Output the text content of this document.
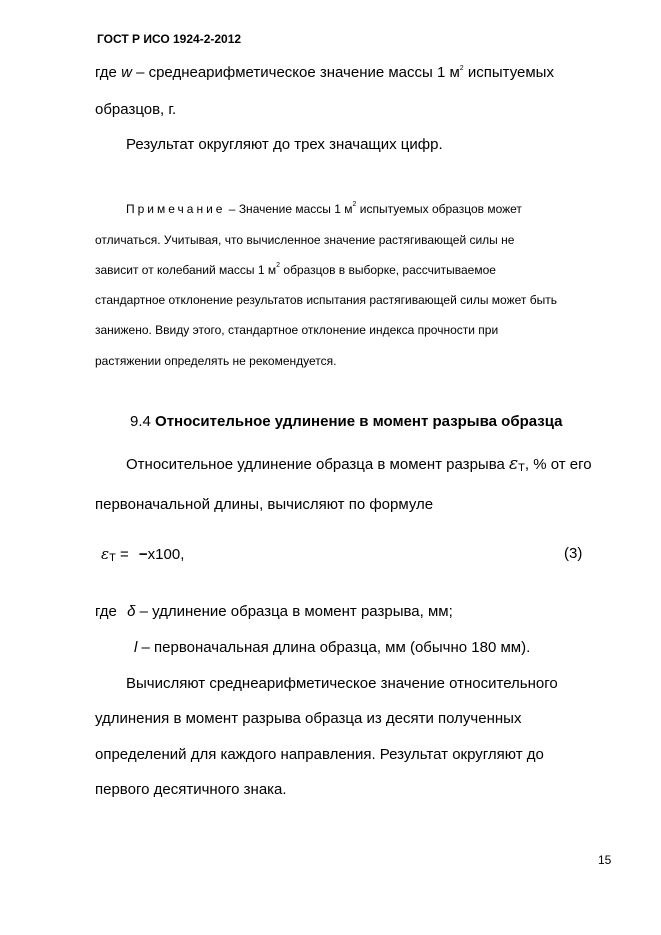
ГОСТ Р ИСО 1924-2-2012
где w – среднеарифметическое значение массы 1 $м^2$ испытуемых
образцов, г.
Результат округляют до трех значащих цифр.
Примечание – Значение массы 1 $м^2$ испытуемых образцов может
отличаться. Учитывая, что вычисленное значение растягивающей силы не
зависит от колебаний массы 1 $м^2$ образцов в выборке, рассчитываемое
стандартное отклонение результатов испытания растягивающей силы может быть
занижено. Ввиду этого, стандартное отклонение индекса прочности при
растяжении определять не рекомендуется.
9.4 Относительное удлинение в момент разрыва образца
Относительное удлинение образца в момент разрыва $\varepsilon_T$, % от его
первоначальной длины, вычисляют по формуле
$\varepsilon_T = -x100$,	(3)
где δ – удлинение образца в момент разрыва, мм;
l – первоначальная длина образца, мм (обычно 180 мм).
Вычисляют среднеарифметическое значение относительного
удлинения в момент разрыва образца из десяти полученных
определений для каждого направления. Результат округляют до
первого десятичного знака.
15
